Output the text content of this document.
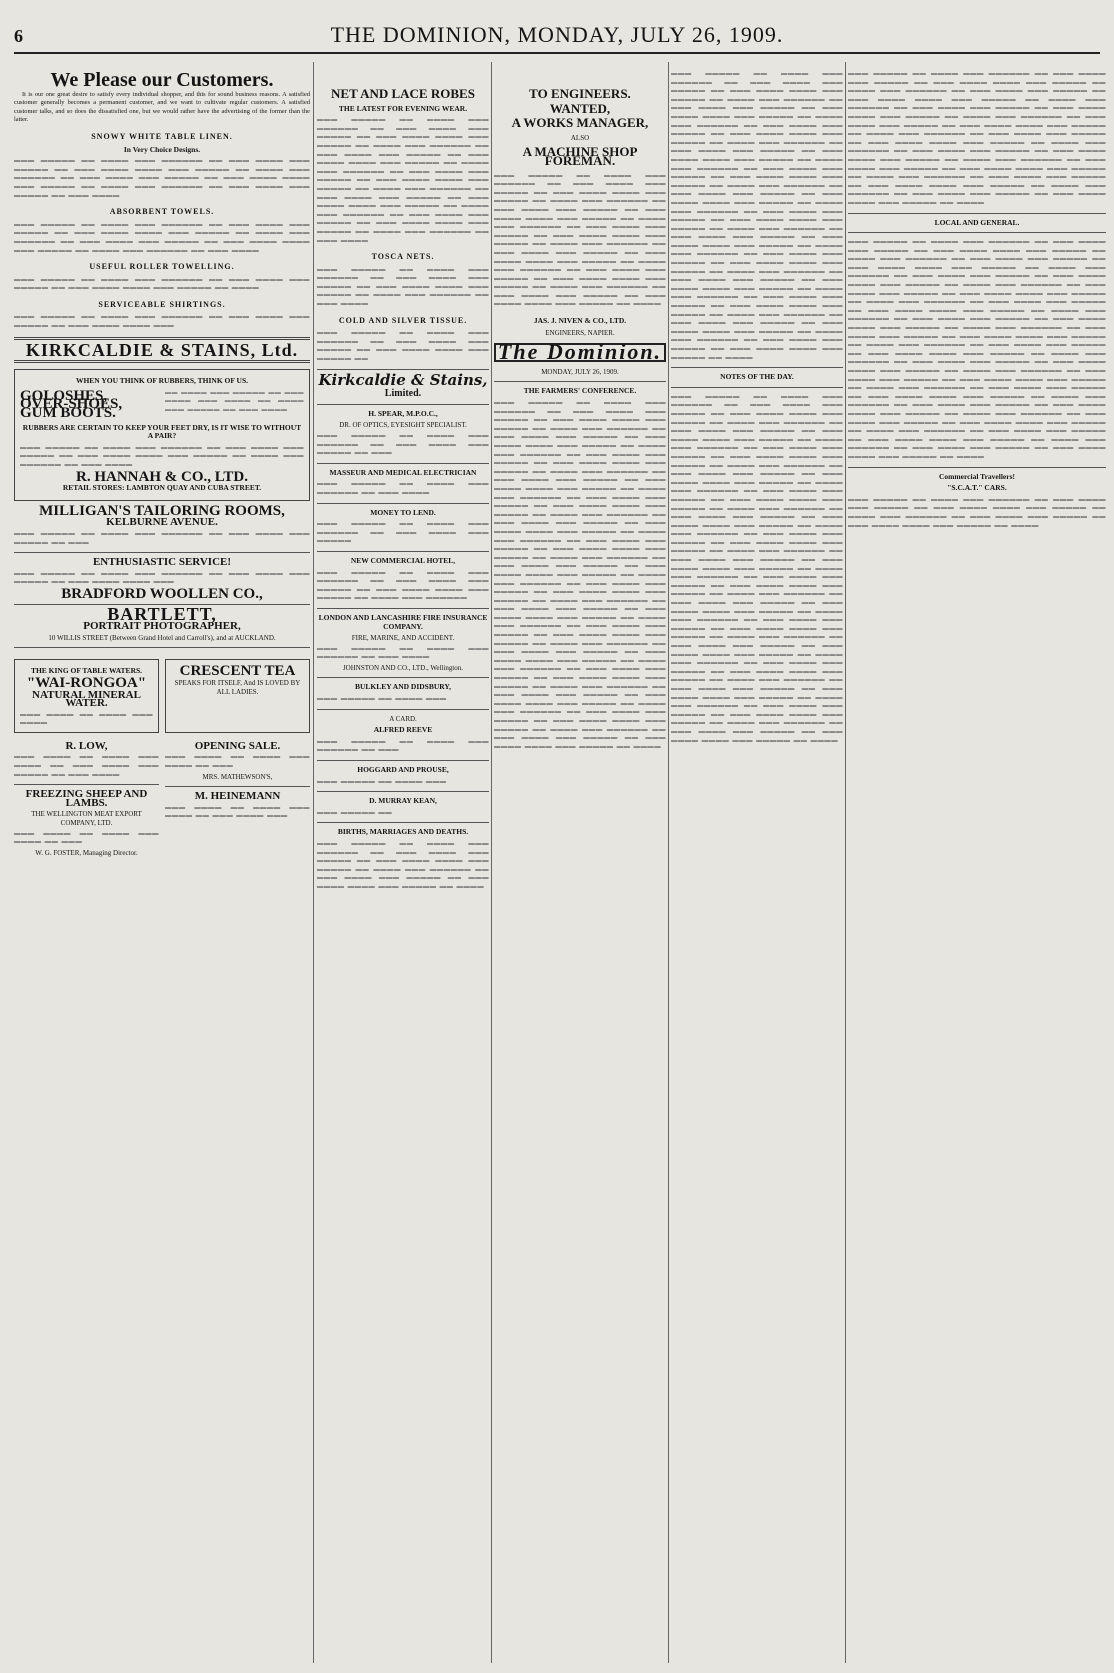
6	THE DOMINION, MONDAY, JULY 26, 1909.
We Please our Customers.
It is our one great desire to satisfy every individual shopper, and this for sound business reasons. A satisfied customer generally becomes a permanent customer, and we want to cultivate regular customers. A satisfied customer talks, and so does the dissatisfied one, but we would rather have the advertising of the former than the latter.
SNOWY WHITE TABLE LINEN.
In Very Choice Designs.
▬▬▬ ▬▬▬▬▬ ▬▬ ▬▬▬▬ ▬▬▬ ▬▬▬▬▬▬ ▬▬ ▬▬▬ ▬▬▬▬ ▬▬▬ ▬▬▬▬▬ ▬▬ ▬▬▬ ▬▬▬▬ ▬▬▬▬ ▬▬▬ ▬▬▬▬▬ ▬▬ ▬▬▬▬ ▬▬▬ ▬▬▬▬▬▬ ▬▬ ▬▬▬ ▬▬▬▬ ▬▬▬ ▬▬▬▬▬ ▬▬ ▬▬▬ ▬▬▬▬ ▬▬▬▬ ▬▬▬ ▬▬▬▬▬ ▬▬ ▬▬▬▬ ▬▬▬ ▬▬▬▬▬▬ ▬▬ ▬▬▬ ▬▬▬▬ ▬▬▬ ▬▬▬▬▬ ▬▬ ▬▬▬ ▬▬▬▬
ABSORBENT TOWELS.
▬▬▬ ▬▬▬▬▬ ▬▬ ▬▬▬▬ ▬▬▬ ▬▬▬▬▬▬ ▬▬ ▬▬▬ ▬▬▬▬ ▬▬▬ ▬▬▬▬▬ ▬▬ ▬▬▬ ▬▬▬▬ ▬▬▬▬ ▬▬▬ ▬▬▬▬▬ ▬▬ ▬▬▬▬ ▬▬▬ ▬▬▬▬▬▬ ▬▬ ▬▬▬ ▬▬▬▬ ▬▬▬ ▬▬▬▬▬ ▬▬ ▬▬▬ ▬▬▬▬ ▬▬▬▬ ▬▬▬ ▬▬▬▬▬ ▬▬ ▬▬▬▬ ▬▬▬ ▬▬▬▬▬▬ ▬▬ ▬▬▬ ▬▬▬▬
USEFUL ROLLER TOWELLING.
▬▬▬ ▬▬▬▬▬ ▬▬ ▬▬▬▬ ▬▬▬ ▬▬▬▬▬▬ ▬▬ ▬▬▬ ▬▬▬▬ ▬▬▬ ▬▬▬▬▬ ▬▬ ▬▬▬ ▬▬▬▬ ▬▬▬▬ ▬▬▬ ▬▬▬▬▬ ▬▬ ▬▬▬▬
SERVICEABLE SHIRTINGS.
▬▬▬ ▬▬▬▬▬ ▬▬ ▬▬▬▬ ▬▬▬ ▬▬▬▬▬▬ ▬▬ ▬▬▬ ▬▬▬▬ ▬▬▬ ▬▬▬▬▬ ▬▬ ▬▬▬ ▬▬▬▬ ▬▬▬▬ ▬▬▬
KIRKCALDIE & STAINS, Ltd.
WHEN YOU THINK OF RUBBERS, THINK OF US.
GOLOSHES, OVER-SHOES, GUM BOOTS.
▬▬ ▬▬▬▬ ▬▬▬ ▬▬▬▬▬ ▬▬ ▬▬▬ ▬▬▬▬ ▬▬▬ ▬▬▬▬ ▬▬ ▬▬▬▬ ▬▬▬ ▬▬▬▬▬ ▬▬ ▬▬▬ ▬▬▬▬
RUBBERS ARE CERTAIN TO KEEP YOUR FEET DRY, IS IT WISE TO WITHOUT A PAIR?
▬▬▬ ▬▬▬▬▬ ▬▬ ▬▬▬▬ ▬▬▬ ▬▬▬▬▬▬ ▬▬ ▬▬▬ ▬▬▬▬ ▬▬▬ ▬▬▬▬▬ ▬▬ ▬▬▬ ▬▬▬▬ ▬▬▬▬ ▬▬▬ ▬▬▬▬▬ ▬▬ ▬▬▬▬ ▬▬▬ ▬▬▬▬▬▬ ▬▬ ▬▬▬ ▬▬▬▬
R. HANNAH & CO., LTD.
RETAIL STORES: LAMBTON QUAY AND CUBA STREET.
MILLIGAN'S TAILORING ROOMS,
KELBURNE AVENUE.
▬▬▬ ▬▬▬▬▬ ▬▬ ▬▬▬▬ ▬▬▬ ▬▬▬▬▬▬ ▬▬ ▬▬▬ ▬▬▬▬ ▬▬▬ ▬▬▬▬▬ ▬▬ ▬▬▬
ENTHUSIASTIC SERVICE!
▬▬▬ ▬▬▬▬▬ ▬▬ ▬▬▬▬ ▬▬▬ ▬▬▬▬▬▬ ▬▬ ▬▬▬ ▬▬▬▬ ▬▬▬ ▬▬▬▬▬ ▬▬ ▬▬▬ ▬▬▬▬ ▬▬▬▬ ▬▬▬
BRADFORD WOOLLEN CO.,
BARTLETT,
PORTRAIT PHOTOGRAPHER,
10 WILLIS STREET (Between Grand Hotel and Carroll's), and at AUCKLAND.
THE KING OF TABLE WATERS.
"WAI-RONGOA"
NATURAL MINERAL WATER.
▬▬▬ ▬▬▬▬ ▬▬ ▬▬▬▬ ▬▬▬ ▬▬▬▬
CRESCENT TEA
SPEAKS FOR ITSELF, And IS LOVED BY ALL LADIES.
R. LOW,
▬▬▬ ▬▬▬▬ ▬▬ ▬▬▬▬ ▬▬▬ ▬▬▬▬ ▬▬ ▬▬▬ ▬▬▬▬ ▬▬▬ ▬▬▬▬▬ ▬▬ ▬▬▬ ▬▬▬▬
FREEZING SHEEP AND LAMBS.
THE WELLINGTON MEAT EXPORT COMPANY, LTD.
▬▬▬ ▬▬▬▬ ▬▬ ▬▬▬▬ ▬▬▬ ▬▬▬▬ ▬▬ ▬▬▬
W. G. FOSTER, Managing Director.
OPENING SALE.
▬▬▬ ▬▬▬▬ ▬▬ ▬▬▬▬ ▬▬▬ ▬▬▬▬ ▬▬ ▬▬▬
MRS. MATHEWSON'S,
M. HEINEMANN
▬▬▬ ▬▬▬▬ ▬▬ ▬▬▬▬ ▬▬▬ ▬▬▬▬ ▬▬ ▬▬▬ ▬▬▬▬ ▬▬▬
NET AND LACE ROBES
THE LATEST FOR EVENING WEAR.
▬▬▬ ▬▬▬▬▬ ▬▬ ▬▬▬▬ ▬▬▬ ▬▬▬▬▬▬ ▬▬ ▬▬▬ ▬▬▬▬ ▬▬▬ ▬▬▬▬▬ ▬▬ ▬▬▬ ▬▬▬▬ ▬▬▬▬ ▬▬▬ ▬▬▬▬▬ ▬▬ ▬▬▬▬ ▬▬▬ ▬▬▬▬▬▬ ▬▬ ▬▬▬ ▬▬▬▬ ▬▬▬ ▬▬▬▬▬ ▬▬ ▬▬▬ ▬▬▬▬ ▬▬▬▬ ▬▬▬ ▬▬▬▬▬ ▬▬ ▬▬▬▬ ▬▬▬ ▬▬▬▬▬▬ ▬▬ ▬▬▬ ▬▬▬▬ ▬▬▬ ▬▬▬▬▬ ▬▬ ▬▬▬ ▬▬▬▬ ▬▬▬▬ ▬▬▬ ▬▬▬▬▬ ▬▬ ▬▬▬▬ ▬▬▬ ▬▬▬▬▬▬ ▬▬ ▬▬▬ ▬▬▬▬ ▬▬▬ ▬▬▬▬▬ ▬▬ ▬▬▬ ▬▬▬▬ ▬▬▬▬ ▬▬▬ ▬▬▬▬▬ ▬▬ ▬▬▬▬ ▬▬▬ ▬▬▬▬▬▬ ▬▬ ▬▬▬ ▬▬▬▬ ▬▬▬ ▬▬▬▬▬ ▬▬ ▬▬▬ ▬▬▬▬ ▬▬▬▬ ▬▬▬ ▬▬▬▬▬ ▬▬ ▬▬▬▬ ▬▬▬ ▬▬▬▬▬▬ ▬▬ ▬▬▬ ▬▬▬▬
TOSCA NETS.
▬▬▬ ▬▬▬▬▬ ▬▬ ▬▬▬▬ ▬▬▬ ▬▬▬▬▬▬ ▬▬ ▬▬▬ ▬▬▬▬ ▬▬▬ ▬▬▬▬▬ ▬▬ ▬▬▬ ▬▬▬▬ ▬▬▬▬ ▬▬▬ ▬▬▬▬▬ ▬▬ ▬▬▬▬ ▬▬▬ ▬▬▬▬▬▬ ▬▬ ▬▬▬ ▬▬▬▬
COLD AND SILVER TISSUE.
▬▬▬ ▬▬▬▬▬ ▬▬ ▬▬▬▬ ▬▬▬ ▬▬▬▬▬▬ ▬▬ ▬▬▬ ▬▬▬▬ ▬▬▬ ▬▬▬▬▬ ▬▬ ▬▬▬ ▬▬▬▬ ▬▬▬▬ ▬▬▬ ▬▬▬▬▬ ▬▬
Kirkcaldie & Stains,
Limited.
H. SPEAR, M.P.O.C.,
DR. OF OPTICS, EYESIGHT SPECIALIST.
▬▬▬ ▬▬▬▬▬ ▬▬ ▬▬▬▬ ▬▬▬ ▬▬▬▬▬▬ ▬▬ ▬▬▬ ▬▬▬▬ ▬▬▬ ▬▬▬▬▬ ▬▬ ▬▬▬
MASSEUR AND MEDICAL ELECTRICIAN
▬▬▬ ▬▬▬▬▬ ▬▬ ▬▬▬▬ ▬▬▬ ▬▬▬▬▬▬ ▬▬ ▬▬▬ ▬▬▬▬
MONEY TO LEND.
▬▬▬ ▬▬▬▬▬ ▬▬ ▬▬▬▬ ▬▬▬ ▬▬▬▬▬▬ ▬▬ ▬▬▬ ▬▬▬▬ ▬▬▬ ▬▬▬▬▬
NEW COMMERCIAL HOTEL,
▬▬▬ ▬▬▬▬▬ ▬▬ ▬▬▬▬ ▬▬▬ ▬▬▬▬▬▬ ▬▬ ▬▬▬ ▬▬▬▬ ▬▬▬ ▬▬▬▬▬ ▬▬ ▬▬▬ ▬▬▬▬ ▬▬▬▬ ▬▬▬ ▬▬▬▬▬ ▬▬ ▬▬▬▬ ▬▬▬ ▬▬▬▬▬▬
LONDON AND LANCASHIRE FIRE INSURANCE COMPANY.
FIRE, MARINE, AND ACCIDENT.
▬▬▬ ▬▬▬▬▬ ▬▬ ▬▬▬▬ ▬▬▬ ▬▬▬▬▬▬ ▬▬ ▬▬▬ ▬▬▬▬
JOHNSTON AND CO., LTD., Wellington.
BULKLEY AND DIDSBURY,
▬▬▬ ▬▬▬▬▬ ▬▬ ▬▬▬▬ ▬▬▬
A CARD.
ALFRED REEVE
▬▬▬ ▬▬▬▬▬ ▬▬ ▬▬▬▬ ▬▬▬ ▬▬▬▬▬▬ ▬▬ ▬▬▬
HOGGARD AND PROUSE,
▬▬▬ ▬▬▬▬▬ ▬▬ ▬▬▬▬ ▬▬▬
D. MURRAY KEAN,
▬▬▬ ▬▬▬▬▬ ▬▬
BIRTHS, MARRIAGES AND DEATHS.
▬▬▬ ▬▬▬▬▬ ▬▬ ▬▬▬▬ ▬▬▬ ▬▬▬▬▬▬ ▬▬ ▬▬▬ ▬▬▬▬ ▬▬▬ ▬▬▬▬▬ ▬▬ ▬▬▬ ▬▬▬▬ ▬▬▬▬ ▬▬▬ ▬▬▬▬▬ ▬▬ ▬▬▬▬ ▬▬▬ ▬▬▬▬▬▬ ▬▬ ▬▬▬ ▬▬▬▬ ▬▬▬ ▬▬▬▬▬ ▬▬ ▬▬▬ ▬▬▬▬ ▬▬▬▬ ▬▬▬ ▬▬▬▬▬ ▬▬ ▬▬▬▬
TO ENGINEERS.
WANTED,
A WORKS MANAGER,
ALSO
A MACHINE SHOP FOREMAN.
▬▬▬ ▬▬▬▬▬ ▬▬ ▬▬▬▬ ▬▬▬ ▬▬▬▬▬▬ ▬▬ ▬▬▬ ▬▬▬▬ ▬▬▬ ▬▬▬▬▬ ▬▬ ▬▬▬ ▬▬▬▬ ▬▬▬▬ ▬▬▬ ▬▬▬▬▬ ▬▬ ▬▬▬▬ ▬▬▬ ▬▬▬▬▬▬ ▬▬ ▬▬▬ ▬▬▬▬ ▬▬▬ ▬▬▬▬▬ ▬▬ ▬▬▬ ▬▬▬▬ ▬▬▬▬ ▬▬▬ ▬▬▬▬▬ ▬▬ ▬▬▬▬ ▬▬▬ ▬▬▬▬▬▬ ▬▬ ▬▬▬ ▬▬▬▬ ▬▬▬ ▬▬▬▬▬ ▬▬ ▬▬▬ ▬▬▬▬ ▬▬▬▬ ▬▬▬ ▬▬▬▬▬ ▬▬ ▬▬▬▬ ▬▬▬ ▬▬▬▬▬▬ ▬▬ ▬▬▬ ▬▬▬▬ ▬▬▬ ▬▬▬▬▬ ▬▬ ▬▬▬ ▬▬▬▬ ▬▬▬▬ ▬▬▬ ▬▬▬▬▬ ▬▬ ▬▬▬▬ ▬▬▬ ▬▬▬▬▬▬ ▬▬ ▬▬▬ ▬▬▬▬ ▬▬▬ ▬▬▬▬▬ ▬▬ ▬▬▬ ▬▬▬▬ ▬▬▬▬ ▬▬▬ ▬▬▬▬▬ ▬▬ ▬▬▬▬ ▬▬▬ ▬▬▬▬▬▬ ▬▬ ▬▬▬ ▬▬▬▬ ▬▬▬ ▬▬▬▬▬ ▬▬ ▬▬▬ ▬▬▬▬ ▬▬▬▬ ▬▬▬ ▬▬▬▬▬ ▬▬ ▬▬▬▬
JAS. J. NIVEN & CO., LTD.
ENGINEERS, NAPIER.
The Dominion.
MONDAY, JULY 26, 1909.
THE FARMERS' CONFERENCE.
▬▬▬ ▬▬▬▬▬ ▬▬ ▬▬▬▬ ▬▬▬ ▬▬▬▬▬▬ ▬▬ ▬▬▬ ▬▬▬▬ ▬▬▬ ▬▬▬▬▬ ▬▬ ▬▬▬ ▬▬▬▬ ▬▬▬▬ ▬▬▬ ▬▬▬▬▬ ▬▬ ▬▬▬▬ ▬▬▬ ▬▬▬▬▬▬ ▬▬ ▬▬▬ ▬▬▬▬ ▬▬▬ ▬▬▬▬▬ ▬▬ ▬▬▬ ▬▬▬▬ ▬▬▬▬ ▬▬▬ ▬▬▬▬▬ ▬▬ ▬▬▬▬ ▬▬▬ ▬▬▬▬▬▬ ▬▬ ▬▬▬ ▬▬▬▬ ▬▬▬ ▬▬▬▬▬ ▬▬ ▬▬▬ ▬▬▬▬ ▬▬▬▬ ▬▬▬ ▬▬▬▬▬ ▬▬ ▬▬▬▬ ▬▬▬ ▬▬▬▬▬▬ ▬▬ ▬▬▬ ▬▬▬▬ ▬▬▬ ▬▬▬▬▬ ▬▬ ▬▬▬ ▬▬▬▬ ▬▬▬▬ ▬▬▬ ▬▬▬▬▬ ▬▬ ▬▬▬▬ ▬▬▬ ▬▬▬▬▬▬ ▬▬ ▬▬▬ ▬▬▬▬ ▬▬▬ ▬▬▬▬▬ ▬▬ ▬▬▬ ▬▬▬▬ ▬▬▬▬ ▬▬▬ ▬▬▬▬▬ ▬▬ ▬▬▬▬ ▬▬▬ ▬▬▬▬▬▬ ▬▬ ▬▬▬ ▬▬▬▬ ▬▬▬ ▬▬▬▬▬ ▬▬ ▬▬▬ ▬▬▬▬ ▬▬▬▬ ▬▬▬ ▬▬▬▬▬ ▬▬ ▬▬▬▬ ▬▬▬ ▬▬▬▬▬▬ ▬▬ ▬▬▬ ▬▬▬▬ ▬▬▬ ▬▬▬▬▬ ▬▬ ▬▬▬ ▬▬▬▬ ▬▬▬▬ ▬▬▬ ▬▬▬▬▬ ▬▬ ▬▬▬▬ ▬▬▬ ▬▬▬▬▬▬ ▬▬ ▬▬▬ ▬▬▬▬ ▬▬▬ ▬▬▬▬▬ ▬▬ ▬▬▬ ▬▬▬▬ ▬▬▬▬ ▬▬▬ ▬▬▬▬▬ ▬▬ ▬▬▬▬ ▬▬▬ ▬▬▬▬▬▬ ▬▬ ▬▬▬ ▬▬▬▬ ▬▬▬ ▬▬▬▬▬ ▬▬ ▬▬▬ ▬▬▬▬ ▬▬▬▬ ▬▬▬ ▬▬▬▬▬ ▬▬ ▬▬▬▬ ▬▬▬ ▬▬▬▬▬▬ ▬▬ ▬▬▬ ▬▬▬▬ ▬▬▬ ▬▬▬▬▬ ▬▬ ▬▬▬ ▬▬▬▬ ▬▬▬▬ ▬▬▬ ▬▬▬▬▬ ▬▬ ▬▬▬▬ ▬▬▬ ▬▬▬▬▬▬ ▬▬ ▬▬▬ ▬▬▬▬ ▬▬▬ ▬▬▬▬▬ ▬▬ ▬▬▬ ▬▬▬▬ ▬▬▬▬ ▬▬▬ ▬▬▬▬▬ ▬▬ ▬▬▬▬ ▬▬▬ ▬▬▬▬▬▬ ▬▬ ▬▬▬ ▬▬▬▬ ▬▬▬ ▬▬▬▬▬ ▬▬ ▬▬▬ ▬▬▬▬ ▬▬▬▬ ▬▬▬ ▬▬▬▬▬ ▬▬ ▬▬▬▬ ▬▬▬ ▬▬▬▬▬▬ ▬▬ ▬▬▬ ▬▬▬▬ ▬▬▬ ▬▬▬▬▬ ▬▬ ▬▬▬ ▬▬▬▬ ▬▬▬▬ ▬▬▬ ▬▬▬▬▬ ▬▬ ▬▬▬▬ ▬▬▬ ▬▬▬▬▬▬ ▬▬ ▬▬▬ ▬▬▬▬ ▬▬▬ ▬▬▬▬▬ ▬▬ ▬▬▬ ▬▬▬▬ ▬▬▬▬ ▬▬▬ ▬▬▬▬▬ ▬▬ ▬▬▬▬ ▬▬▬ ▬▬▬▬▬▬ ▬▬ ▬▬▬ ▬▬▬▬ ▬▬▬ ▬▬▬▬▬ ▬▬ ▬▬▬ ▬▬▬▬ ▬▬▬▬ ▬▬▬ ▬▬▬▬▬ ▬▬ ▬▬▬▬ ▬▬▬ ▬▬▬▬▬▬ ▬▬ ▬▬▬ ▬▬▬▬ ▬▬▬ ▬▬▬▬▬ ▬▬ ▬▬▬ ▬▬▬▬ ▬▬▬▬ ▬▬▬ ▬▬▬▬▬ ▬▬ ▬▬▬▬
▬▬▬ ▬▬▬▬▬ ▬▬ ▬▬▬▬ ▬▬▬ ▬▬▬▬▬▬ ▬▬ ▬▬▬ ▬▬▬▬ ▬▬▬ ▬▬▬▬▬ ▬▬ ▬▬▬ ▬▬▬▬ ▬▬▬▬ ▬▬▬ ▬▬▬▬▬ ▬▬ ▬▬▬▬ ▬▬▬ ▬▬▬▬▬▬ ▬▬ ▬▬▬ ▬▬▬▬ ▬▬▬ ▬▬▬▬▬ ▬▬ ▬▬▬ ▬▬▬▬ ▬▬▬▬ ▬▬▬ ▬▬▬▬▬ ▬▬ ▬▬▬▬ ▬▬▬ ▬▬▬▬▬▬ ▬▬ ▬▬▬ ▬▬▬▬ ▬▬▬ ▬▬▬▬▬ ▬▬ ▬▬▬ ▬▬▬▬ ▬▬▬▬ ▬▬▬ ▬▬▬▬▬ ▬▬ ▬▬▬▬ ▬▬▬ ▬▬▬▬▬▬ ▬▬ ▬▬▬ ▬▬▬▬ ▬▬▬ ▬▬▬▬▬ ▬▬ ▬▬▬ ▬▬▬▬ ▬▬▬▬ ▬▬▬ ▬▬▬▬▬ ▬▬ ▬▬▬▬ ▬▬▬ ▬▬▬▬▬▬ ▬▬ ▬▬▬ ▬▬▬▬ ▬▬▬ ▬▬▬▬▬ ▬▬ ▬▬▬ ▬▬▬▬ ▬▬▬▬ ▬▬▬ ▬▬▬▬▬ ▬▬ ▬▬▬▬ ▬▬▬ ▬▬▬▬▬▬ ▬▬ ▬▬▬ ▬▬▬▬ ▬▬▬ ▬▬▬▬▬ ▬▬ ▬▬▬ ▬▬▬▬ ▬▬▬▬ ▬▬▬ ▬▬▬▬▬ ▬▬ ▬▬▬▬ ▬▬▬ ▬▬▬▬▬▬ ▬▬ ▬▬▬ ▬▬▬▬ ▬▬▬ ▬▬▬▬▬ ▬▬ ▬▬▬ ▬▬▬▬ ▬▬▬▬ ▬▬▬ ▬▬▬▬▬ ▬▬ ▬▬▬▬ ▬▬▬ ▬▬▬▬▬▬ ▬▬ ▬▬▬ ▬▬▬▬ ▬▬▬ ▬▬▬▬▬ ▬▬ ▬▬▬ ▬▬▬▬ ▬▬▬▬ ▬▬▬ ▬▬▬▬▬ ▬▬ ▬▬▬▬ ▬▬▬ ▬▬▬▬▬▬ ▬▬ ▬▬▬ ▬▬▬▬ ▬▬▬ ▬▬▬▬▬ ▬▬ ▬▬▬ ▬▬▬▬ ▬▬▬▬ ▬▬▬ ▬▬▬▬▬ ▬▬ ▬▬▬▬ ▬▬▬ ▬▬▬▬▬▬ ▬▬ ▬▬▬ ▬▬▬▬ ▬▬▬ ▬▬▬▬▬ ▬▬ ▬▬▬ ▬▬▬▬ ▬▬▬▬ ▬▬▬ ▬▬▬▬▬ ▬▬ ▬▬▬▬ ▬▬▬ ▬▬▬▬▬▬ ▬▬ ▬▬▬ ▬▬▬▬ ▬▬▬ ▬▬▬▬▬ ▬▬ ▬▬▬ ▬▬▬▬ ▬▬▬▬ ▬▬▬ ▬▬▬▬▬ ▬▬ ▬▬▬▬ ▬▬▬ ▬▬▬▬▬▬ ▬▬ ▬▬▬ ▬▬▬▬ ▬▬▬ ▬▬▬▬▬ ▬▬ ▬▬▬ ▬▬▬▬ ▬▬▬▬ ▬▬▬ ▬▬▬▬▬ ▬▬ ▬▬▬▬ ▬▬▬ ▬▬▬▬▬▬ ▬▬ ▬▬▬ ▬▬▬▬ ▬▬▬ ▬▬▬▬▬ ▬▬ ▬▬▬ ▬▬▬▬ ▬▬▬▬ ▬▬▬ ▬▬▬▬▬ ▬▬ ▬▬▬▬
NOTES OF THE DAY.
▬▬▬ ▬▬▬▬▬ ▬▬ ▬▬▬▬ ▬▬▬ ▬▬▬▬▬▬ ▬▬ ▬▬▬ ▬▬▬▬ ▬▬▬ ▬▬▬▬▬ ▬▬ ▬▬▬ ▬▬▬▬ ▬▬▬▬ ▬▬▬ ▬▬▬▬▬ ▬▬ ▬▬▬▬ ▬▬▬ ▬▬▬▬▬▬ ▬▬ ▬▬▬ ▬▬▬▬ ▬▬▬ ▬▬▬▬▬ ▬▬ ▬▬▬ ▬▬▬▬ ▬▬▬▬ ▬▬▬ ▬▬▬▬▬ ▬▬ ▬▬▬▬ ▬▬▬ ▬▬▬▬▬▬ ▬▬ ▬▬▬ ▬▬▬▬ ▬▬▬ ▬▬▬▬▬ ▬▬ ▬▬▬ ▬▬▬▬ ▬▬▬▬ ▬▬▬ ▬▬▬▬▬ ▬▬ ▬▬▬▬ ▬▬▬ ▬▬▬▬▬▬ ▬▬ ▬▬▬ ▬▬▬▬ ▬▬▬ ▬▬▬▬▬ ▬▬ ▬▬▬ ▬▬▬▬ ▬▬▬▬ ▬▬▬ ▬▬▬▬▬ ▬▬ ▬▬▬▬ ▬▬▬ ▬▬▬▬▬▬ ▬▬ ▬▬▬ ▬▬▬▬ ▬▬▬ ▬▬▬▬▬ ▬▬ ▬▬▬ ▬▬▬▬ ▬▬▬▬ ▬▬▬ ▬▬▬▬▬ ▬▬ ▬▬▬▬ ▬▬▬ ▬▬▬▬▬▬ ▬▬ ▬▬▬ ▬▬▬▬ ▬▬▬ ▬▬▬▬▬ ▬▬ ▬▬▬ ▬▬▬▬ ▬▬▬▬ ▬▬▬ ▬▬▬▬▬ ▬▬ ▬▬▬▬ ▬▬▬ ▬▬▬▬▬▬ ▬▬ ▬▬▬ ▬▬▬▬ ▬▬▬ ▬▬▬▬▬ ▬▬ ▬▬▬ ▬▬▬▬ ▬▬▬▬ ▬▬▬ ▬▬▬▬▬ ▬▬ ▬▬▬▬ ▬▬▬ ▬▬▬▬▬▬ ▬▬ ▬▬▬ ▬▬▬▬ ▬▬▬ ▬▬▬▬▬ ▬▬ ▬▬▬ ▬▬▬▬ ▬▬▬▬ ▬▬▬ ▬▬▬▬▬ ▬▬ ▬▬▬▬ ▬▬▬ ▬▬▬▬▬▬ ▬▬ ▬▬▬ ▬▬▬▬ ▬▬▬ ▬▬▬▬▬ ▬▬ ▬▬▬ ▬▬▬▬ ▬▬▬▬ ▬▬▬ ▬▬▬▬▬ ▬▬ ▬▬▬▬ ▬▬▬ ▬▬▬▬▬▬ ▬▬ ▬▬▬ ▬▬▬▬ ▬▬▬ ▬▬▬▬▬ ▬▬ ▬▬▬ ▬▬▬▬ ▬▬▬▬ ▬▬▬ ▬▬▬▬▬ ▬▬ ▬▬▬▬ ▬▬▬ ▬▬▬▬▬▬ ▬▬ ▬▬▬ ▬▬▬▬ ▬▬▬ ▬▬▬▬▬ ▬▬ ▬▬▬ ▬▬▬▬ ▬▬▬▬ ▬▬▬ ▬▬▬▬▬ ▬▬ ▬▬▬▬ ▬▬▬ ▬▬▬▬▬▬ ▬▬ ▬▬▬ ▬▬▬▬ ▬▬▬ ▬▬▬▬▬ ▬▬ ▬▬▬ ▬▬▬▬ ▬▬▬▬ ▬▬▬ ▬▬▬▬▬ ▬▬ ▬▬▬▬ ▬▬▬ ▬▬▬▬▬▬ ▬▬ ▬▬▬ ▬▬▬▬ ▬▬▬ ▬▬▬▬▬ ▬▬ ▬▬▬ ▬▬▬▬ ▬▬▬▬ ▬▬▬ ▬▬▬▬▬ ▬▬ ▬▬▬▬ ▬▬▬ ▬▬▬▬▬▬ ▬▬ ▬▬▬ ▬▬▬▬ ▬▬▬ ▬▬▬▬▬ ▬▬ ▬▬▬ ▬▬▬▬ ▬▬▬▬ ▬▬▬ ▬▬▬▬▬ ▬▬ ▬▬▬▬ ▬▬▬ ▬▬▬▬▬▬ ▬▬ ▬▬▬ ▬▬▬▬ ▬▬▬ ▬▬▬▬▬ ▬▬ ▬▬▬ ▬▬▬▬ ▬▬▬▬ ▬▬▬ ▬▬▬▬▬ ▬▬ ▬▬▬▬ ▬▬▬ ▬▬▬▬▬▬ ▬▬ ▬▬▬ ▬▬▬▬ ▬▬▬ ▬▬▬▬▬ ▬▬ ▬▬▬ ▬▬▬▬ ▬▬▬▬ ▬▬▬ ▬▬▬▬▬ ▬▬ ▬▬▬▬
▬▬▬ ▬▬▬▬▬ ▬▬ ▬▬▬▬ ▬▬▬ ▬▬▬▬▬▬ ▬▬ ▬▬▬ ▬▬▬▬ ▬▬▬ ▬▬▬▬▬ ▬▬ ▬▬▬ ▬▬▬▬ ▬▬▬▬ ▬▬▬ ▬▬▬▬▬ ▬▬ ▬▬▬▬ ▬▬▬ ▬▬▬▬▬▬ ▬▬ ▬▬▬ ▬▬▬▬ ▬▬▬ ▬▬▬▬▬ ▬▬ ▬▬▬ ▬▬▬▬ ▬▬▬▬ ▬▬▬ ▬▬▬▬▬ ▬▬ ▬▬▬▬ ▬▬▬ ▬▬▬▬▬▬ ▬▬ ▬▬▬ ▬▬▬▬ ▬▬▬ ▬▬▬▬▬ ▬▬ ▬▬▬ ▬▬▬▬ ▬▬▬▬ ▬▬▬ ▬▬▬▬▬ ▬▬ ▬▬▬▬ ▬▬▬ ▬▬▬▬▬▬ ▬▬ ▬▬▬ ▬▬▬▬ ▬▬▬ ▬▬▬▬▬ ▬▬ ▬▬▬ ▬▬▬▬ ▬▬▬▬ ▬▬▬ ▬▬▬▬▬ ▬▬ ▬▬▬▬ ▬▬▬ ▬▬▬▬▬▬ ▬▬ ▬▬▬ ▬▬▬▬ ▬▬▬ ▬▬▬▬▬ ▬▬ ▬▬▬ ▬▬▬▬ ▬▬▬▬ ▬▬▬ ▬▬▬▬▬ ▬▬ ▬▬▬▬ ▬▬▬ ▬▬▬▬▬▬ ▬▬ ▬▬▬ ▬▬▬▬ ▬▬▬ ▬▬▬▬▬ ▬▬ ▬▬▬ ▬▬▬▬ ▬▬▬▬ ▬▬▬ ▬▬▬▬▬ ▬▬ ▬▬▬▬ ▬▬▬ ▬▬▬▬▬▬ ▬▬ ▬▬▬ ▬▬▬▬ ▬▬▬ ▬▬▬▬▬ ▬▬ ▬▬▬ ▬▬▬▬ ▬▬▬▬ ▬▬▬ ▬▬▬▬▬ ▬▬ ▬▬▬▬ ▬▬▬ ▬▬▬▬▬▬ ▬▬ ▬▬▬ ▬▬▬▬ ▬▬▬ ▬▬▬▬▬ ▬▬ ▬▬▬ ▬▬▬▬ ▬▬▬▬ ▬▬▬ ▬▬▬▬▬ ▬▬ ▬▬▬▬ ▬▬▬ ▬▬▬▬▬▬ ▬▬ ▬▬▬ ▬▬▬▬ ▬▬▬ ▬▬▬▬▬ ▬▬ ▬▬▬ ▬▬▬▬ ▬▬▬▬ ▬▬▬ ▬▬▬▬▬ ▬▬ ▬▬▬▬
LOCAL AND GENERAL.
▬▬▬ ▬▬▬▬▬ ▬▬ ▬▬▬▬ ▬▬▬ ▬▬▬▬▬▬ ▬▬ ▬▬▬ ▬▬▬▬ ▬▬▬ ▬▬▬▬▬ ▬▬ ▬▬▬ ▬▬▬▬ ▬▬▬▬ ▬▬▬ ▬▬▬▬▬ ▬▬ ▬▬▬▬ ▬▬▬ ▬▬▬▬▬▬ ▬▬ ▬▬▬ ▬▬▬▬ ▬▬▬ ▬▬▬▬▬ ▬▬ ▬▬▬ ▬▬▬▬ ▬▬▬▬ ▬▬▬ ▬▬▬▬▬ ▬▬ ▬▬▬▬ ▬▬▬ ▬▬▬▬▬▬ ▬▬ ▬▬▬ ▬▬▬▬ ▬▬▬ ▬▬▬▬▬ ▬▬ ▬▬▬ ▬▬▬▬ ▬▬▬▬ ▬▬▬ ▬▬▬▬▬ ▬▬ ▬▬▬▬ ▬▬▬ ▬▬▬▬▬▬ ▬▬ ▬▬▬ ▬▬▬▬ ▬▬▬ ▬▬▬▬▬ ▬▬ ▬▬▬ ▬▬▬▬ ▬▬▬▬ ▬▬▬ ▬▬▬▬▬ ▬▬ ▬▬▬▬ ▬▬▬ ▬▬▬▬▬▬ ▬▬ ▬▬▬ ▬▬▬▬ ▬▬▬ ▬▬▬▬▬ ▬▬ ▬▬▬ ▬▬▬▬ ▬▬▬▬ ▬▬▬ ▬▬▬▬▬ ▬▬ ▬▬▬▬ ▬▬▬ ▬▬▬▬▬▬ ▬▬ ▬▬▬ ▬▬▬▬ ▬▬▬ ▬▬▬▬▬ ▬▬ ▬▬▬ ▬▬▬▬ ▬▬▬▬ ▬▬▬ ▬▬▬▬▬ ▬▬ ▬▬▬▬ ▬▬▬ ▬▬▬▬▬▬ ▬▬ ▬▬▬ ▬▬▬▬ ▬▬▬ ▬▬▬▬▬ ▬▬ ▬▬▬ ▬▬▬▬ ▬▬▬▬ ▬▬▬ ▬▬▬▬▬ ▬▬ ▬▬▬▬ ▬▬▬ ▬▬▬▬▬▬ ▬▬ ▬▬▬ ▬▬▬▬ ▬▬▬ ▬▬▬▬▬ ▬▬ ▬▬▬ ▬▬▬▬ ▬▬▬▬ ▬▬▬ ▬▬▬▬▬ ▬▬ ▬▬▬▬ ▬▬▬ ▬▬▬▬▬▬ ▬▬ ▬▬▬ ▬▬▬▬ ▬▬▬ ▬▬▬▬▬ ▬▬ ▬▬▬ ▬▬▬▬ ▬▬▬▬ ▬▬▬ ▬▬▬▬▬ ▬▬ ▬▬▬▬ ▬▬▬ ▬▬▬▬▬▬ ▬▬ ▬▬▬ ▬▬▬▬ ▬▬▬ ▬▬▬▬▬ ▬▬ ▬▬▬ ▬▬▬▬ ▬▬▬▬ ▬▬▬ ▬▬▬▬▬ ▬▬ ▬▬▬▬ ▬▬▬ ▬▬▬▬▬▬ ▬▬ ▬▬▬ ▬▬▬▬ ▬▬▬ ▬▬▬▬▬ ▬▬ ▬▬▬ ▬▬▬▬ ▬▬▬▬ ▬▬▬ ▬▬▬▬▬ ▬▬ ▬▬▬▬ ▬▬▬ ▬▬▬▬▬▬ ▬▬ ▬▬▬ ▬▬▬▬ ▬▬▬ ▬▬▬▬▬ ▬▬ ▬▬▬ ▬▬▬▬ ▬▬▬▬ ▬▬▬ ▬▬▬▬▬ ▬▬ ▬▬▬▬ ▬▬▬ ▬▬▬▬▬▬ ▬▬ ▬▬▬ ▬▬▬▬ ▬▬▬ ▬▬▬▬▬ ▬▬ ▬▬▬ ▬▬▬▬ ▬▬▬▬ ▬▬▬ ▬▬▬▬▬ ▬▬ ▬▬▬▬ ▬▬▬ ▬▬▬▬▬▬ ▬▬ ▬▬▬ ▬▬▬▬ ▬▬▬ ▬▬▬▬▬ ▬▬ ▬▬▬ ▬▬▬▬ ▬▬▬▬ ▬▬▬ ▬▬▬▬▬ ▬▬ ▬▬▬▬ ▬▬▬ ▬▬▬▬▬▬ ▬▬ ▬▬▬ ▬▬▬▬ ▬▬▬ ▬▬▬▬▬ ▬▬ ▬▬▬ ▬▬▬▬ ▬▬▬▬ ▬▬▬ ▬▬▬▬▬ ▬▬ ▬▬▬▬
Commercial Travellers!
"S.C.A.T." CARS.
▬▬▬ ▬▬▬▬▬ ▬▬ ▬▬▬▬ ▬▬▬ ▬▬▬▬▬▬ ▬▬ ▬▬▬ ▬▬▬▬ ▬▬▬ ▬▬▬▬▬ ▬▬ ▬▬▬ ▬▬▬▬ ▬▬▬▬ ▬▬▬ ▬▬▬▬▬ ▬▬ ▬▬▬▬ ▬▬▬ ▬▬▬▬▬▬ ▬▬ ▬▬▬ ▬▬▬▬ ▬▬▬ ▬▬▬▬▬ ▬▬ ▬▬▬ ▬▬▬▬ ▬▬▬▬ ▬▬▬ ▬▬▬▬▬ ▬▬ ▬▬▬▬
